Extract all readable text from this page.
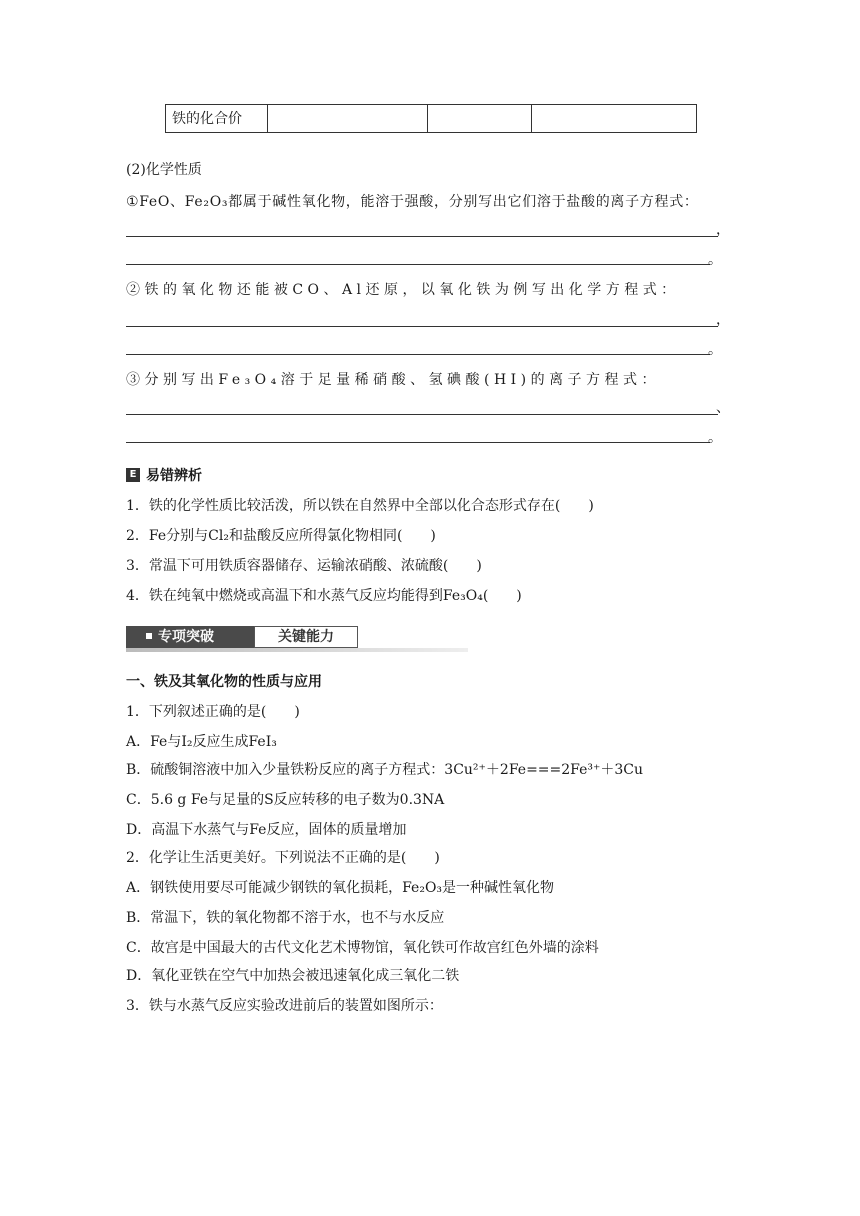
铁的化合价			
(2)化学性质
①FeO、Fe₂O₃都属于碱性氧化物，能溶于强酸，分别写出它们溶于盐酸的离子方程式：
，
。
②铁的氧化物还能被CO、Al还原，以氧化铁为例写出化学方程式：
，
。
③分别写出Fe₃O₄溶于足量稀硝酸、氢碘酸(HI)的离子方程式：
、
。
E 易错辨析
1．铁的化学性质比较活泼，所以铁在自然界中全部以化合态形式存在(　　)
2．Fe分别与Cl₂和盐酸反应所得氯化物相同(　　)
3．常温下可用铁质容器储存、运输浓硝酸、浓硫酸(　　)
4．铁在纯氧中燃烧或高温下和水蒸气反应均能得到Fe₃O₄(　　)
专项突破	关键能力
一、铁及其氧化物的性质与应用
1．下列叙述正确的是(　　)
A．Fe与I₂反应生成FeI₃
B．硫酸铜溶液中加入少量铁粉反应的离子方程式：3Cu²⁺＋2Fe===2Fe³⁺＋3Cu
C．5.6 g Fe与足量的S反应转移的电子数为0.3NA
D．高温下水蒸气与Fe反应，固体的质量增加
2．化学让生活更美好。下列说法不正确的是(　　)
A．钢铁使用要尽可能减少钢铁的氧化损耗，Fe₂O₃是一种碱性氧化物
B．常温下，铁的氧化物都不溶于水，也不与水反应
C．故宫是中国最大的古代文化艺术博物馆，氧化铁可作故宫红色外墙的涂料
D．氧化亚铁在空气中加热会被迅速氧化成三氧化二铁
3．铁与水蒸气反应实验改进前后的装置如图所示：
